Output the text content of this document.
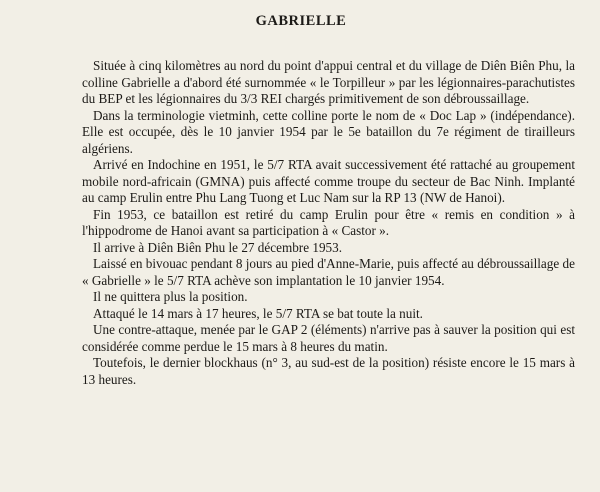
GABRIELLE

Située à cinq kilomètres au nord du point d'appui central et du village de Diên Biên Phu, la colline Gabrielle a d'abord été surnommée « le Torpilleur » par les légionnaires-parachutistes du BEP et les légionnaires du 3/3 REI chargés primitivement de son débroussaillage.

Dans la terminologie vietminh, cette colline porte le nom de « Doc Lap » (indépendance). Elle est occupée, dès le 10 janvier 1954 par le 5e bataillon du 7e régiment de tirailleurs algériens.

Arrivé en Indochine en 1951, le 5/7 RTA avait successivement été rattaché au groupement mobile nord-africain (GMNA) puis affecté comme troupe du secteur de Bac Ninh. Implanté au camp Erulin entre Phu Lang Tuong et Luc Nam sur la RP 13 (NW de Hanoi).

Fin 1953, ce bataillon est retiré du camp Erulin pour être « remis en condition » à l'hippodrome de Hanoi avant sa participation à « Castor ».

Il arrive à Diên Biên Phu le 27 décembre 1953.

Laissé en bivouac pendant 8 jours au pied d'Anne-Marie, puis affecté au débroussaillage de « Gabrielle » le 5/7 RTA achève son implantation le 10 janvier 1954.

Il ne quittera plus la position.

Attaqué le 14 mars à 17 heures, le 5/7 RTA se bat toute la nuit.

Une contre-attaque, menée par le GAP 2 (éléments) n'arrive pas à sauver la position qui est considérée comme perdue le 15 mars à 8 heures du matin.

Toutefois, le dernier blockhaus (n° 3, au sud-est de la position) résiste encore le 15 mars à 13 heures.
